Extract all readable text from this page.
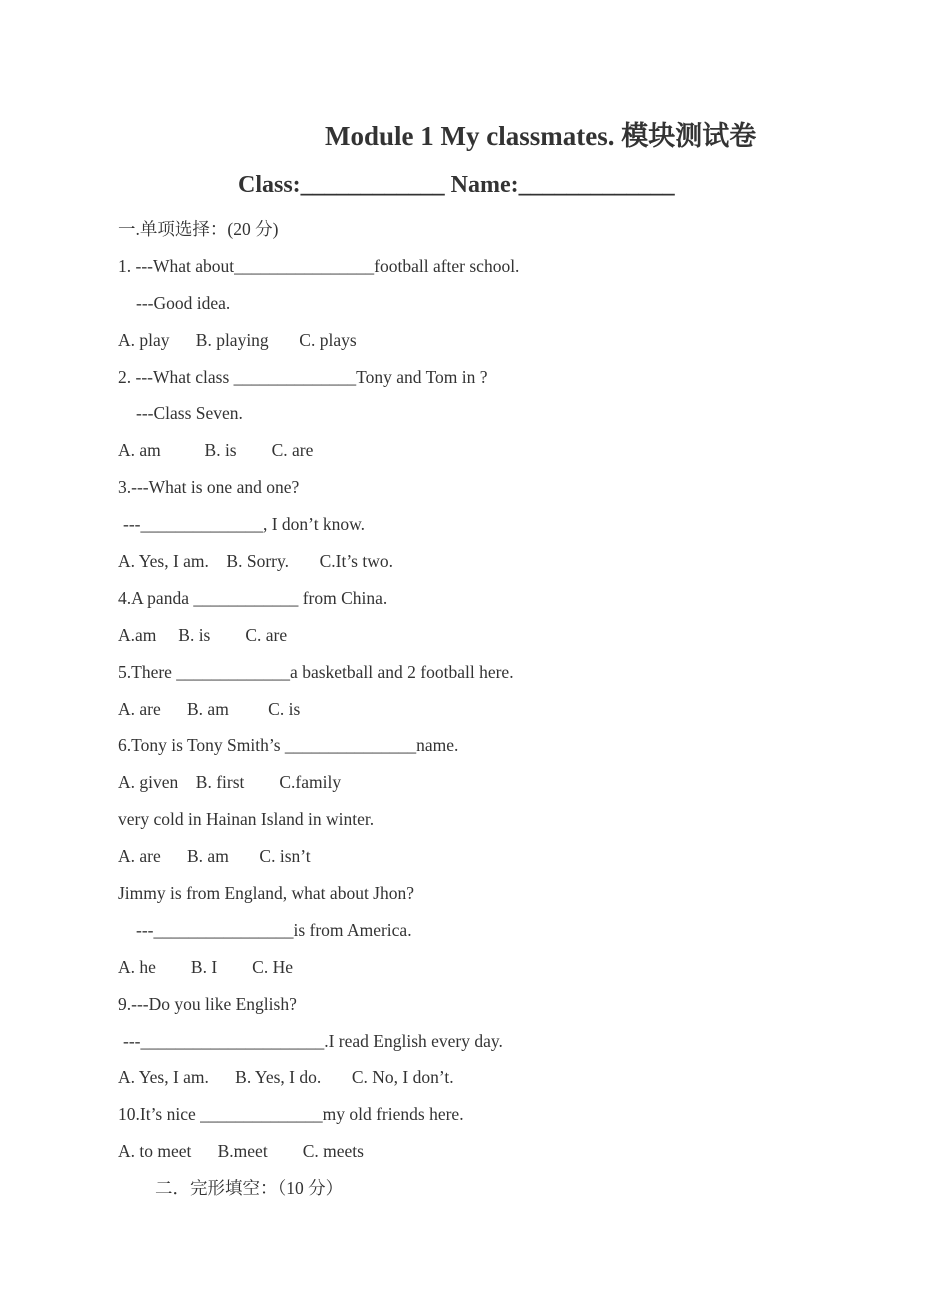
Module 1 My classmates. 模块测试卷
Class:____________ Name:_____________
一.单项选择：(20 分)
1. ---What about________________football after school.
---Good idea.
A. play      B. playing       C. plays
2. ---What class ______________Tony and Tom in ?
---Class Seven.
A. am          B. is        C. are
3.---What is one and one?
---______________, I don’t know.
A. Yes, I am.    B. Sorry.       C.It’s two.
4.A panda ____________ from China.
A.am     B. is        C. are
5.There _____________a basketball and 2 football here.
A. are      B. am         C. is
6.Tony is Tony Smith’s _______________name.
A. given    B. first        C.family
very cold in Hainan Island in winter.
A. are      B. am       C. isn’t
Jimmy is from England, what about Jhon?
---________________is from America.
A. he        B. I        C. He
9.---Do you like English?
---_____________________.I read English every day.
A. Yes, I am.      B. Yes, I do.       C. No, I don’t.
10.It’s nice ______________my old friends here.
A. to meet      B.meet        C. meets
二．完形填空：（10 分）
